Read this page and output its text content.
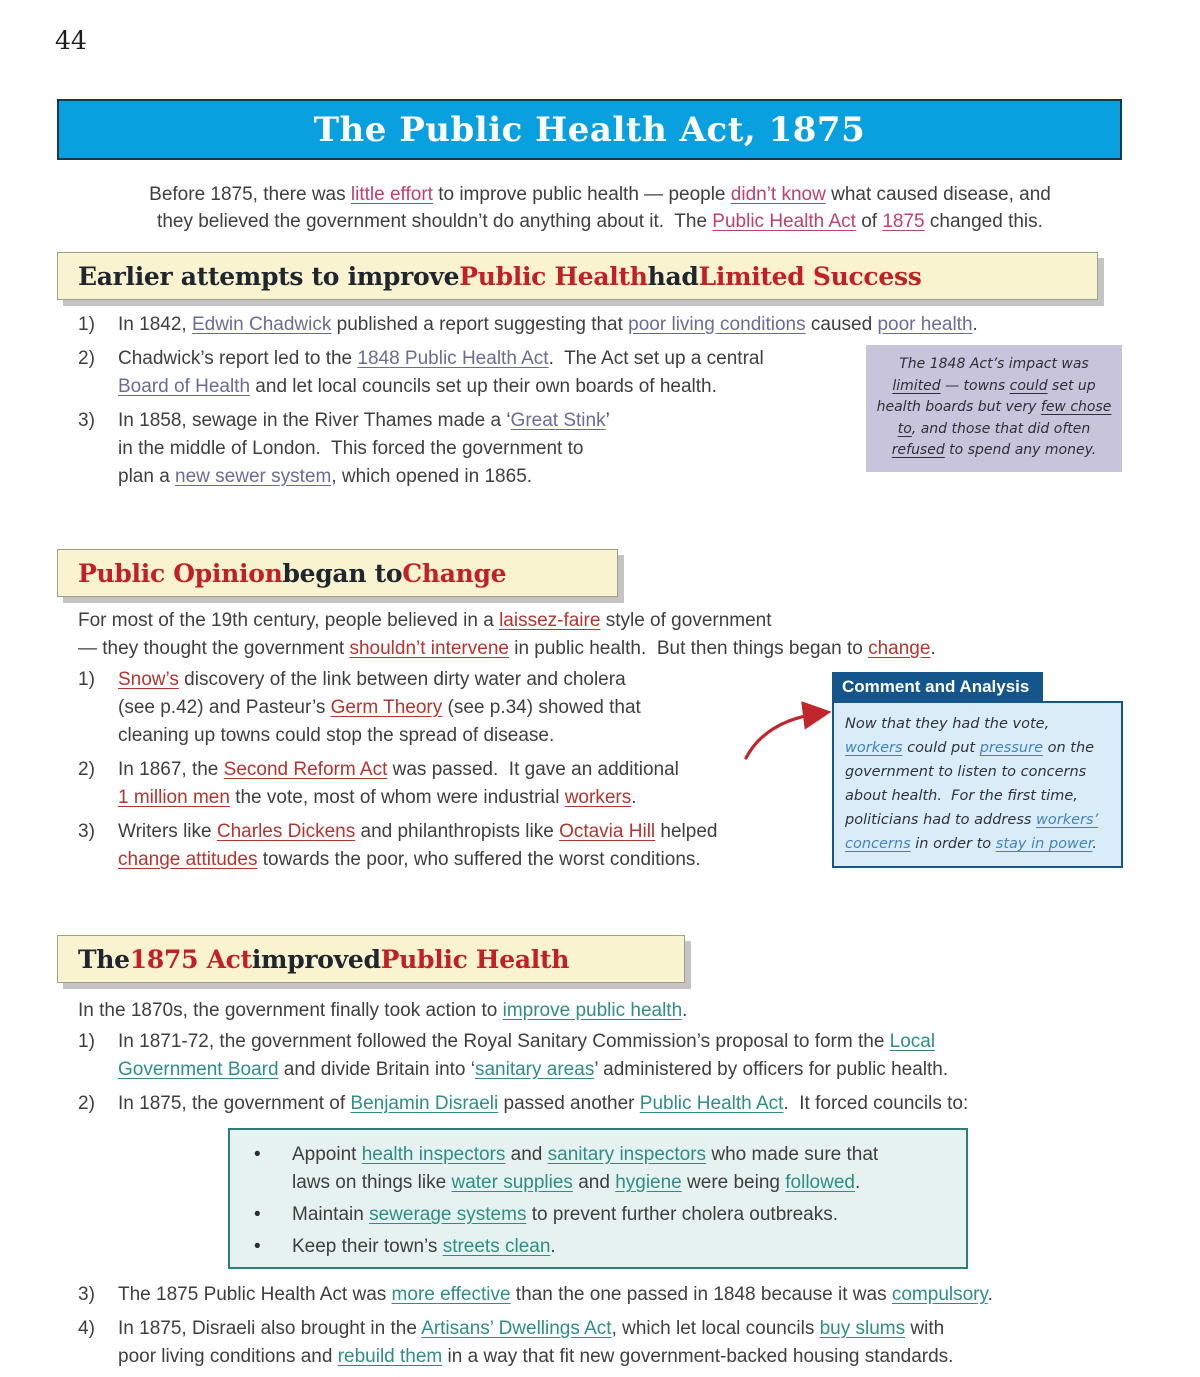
44
The Public Health Act, 1875
Before 1875, there was little effort to improve public health — people didn’t know what caused disease, and
they believed the government shouldn’t do anything about it.  The Public Health Act of 1875 changed this.
Earlier attempts to improve Public Health had Limited Success
1)	In 1842, Edwin Chadwick published a report suggesting that poor living conditions caused poor health.
2)	Chadwick’s report led to the 1848 Public Health Act.  The Act set up a central
Board of Health and let local councils set up their own boards of health.
3)	In 1858, sewage in the River Thames made a ‘Great Stink’
in the middle of London.  This forced the government to
plan a new sewer system, which opened in 1865.
The 1848 Act’s impact was
limited — towns could set up
health boards but very few chose
to, and those that did often
refused to spend any money.
Public Opinion began to Change
For most of the 19th century, people believed in a laissez-faire style of government
— they thought the government shouldn’t intervene in public health.  But then things began to change.
1)	Snow’s discovery of the link between dirty water and cholera
(see p.42) and Pasteur’s Germ Theory (see p.34) showed that
cleaning up towns could stop the spread of disease.
2)	In 1867, the Second Reform Act was passed.  It gave an additional
1 million men the vote, most of whom were industrial workers.
3)	Writers like Charles Dickens and philanthropists like Octavia Hill helped
change attitudes towards the poor, who suffered the worst conditions.
Comment and Analysis
Now that they had the vote,
workers could put pressure on the
government to listen to concerns
about health.  For the first time,
politicians had to address workers’
concerns in order to stay in power.
The 1875 Act improved Public Health
In the 1870s, the government finally took action to improve public health.
1)	In 1871-72, the government followed the Royal Sanitary Commission’s proposal to form the Local
Government Board and divide Britain into ‘sanitary areas’ administered by officers for public health.
2)	In 1875, the government of Benjamin Disraeli passed another Public Health Act.  It forced councils to:
•	Appoint health inspectors and sanitary inspectors who made sure that
laws on things like water supplies and hygiene were being followed.
•	Maintain sewerage systems to prevent further cholera outbreaks.
•	Keep their town’s streets clean.
3)	The 1875 Public Health Act was more effective than the one passed in 1848 because it was compulsory.
4)	In 1875, Disraeli also brought in the Artisans’ Dwellings Act, which let local councils buy slums with
poor living conditions and rebuild them in a way that fit new government-backed housing standards.
